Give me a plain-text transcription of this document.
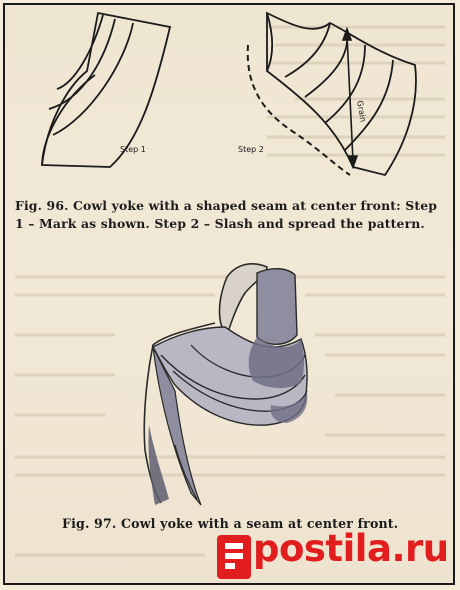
Grain
Step 1	Step 2
Fig. 96. Cowl yoke with a shaped seam at center front: Step 1 – Mark as shown. Step 2 – Slash and spread the pattern.
Fig. 97. Cowl yoke with a seam at center front.
postila.ru
